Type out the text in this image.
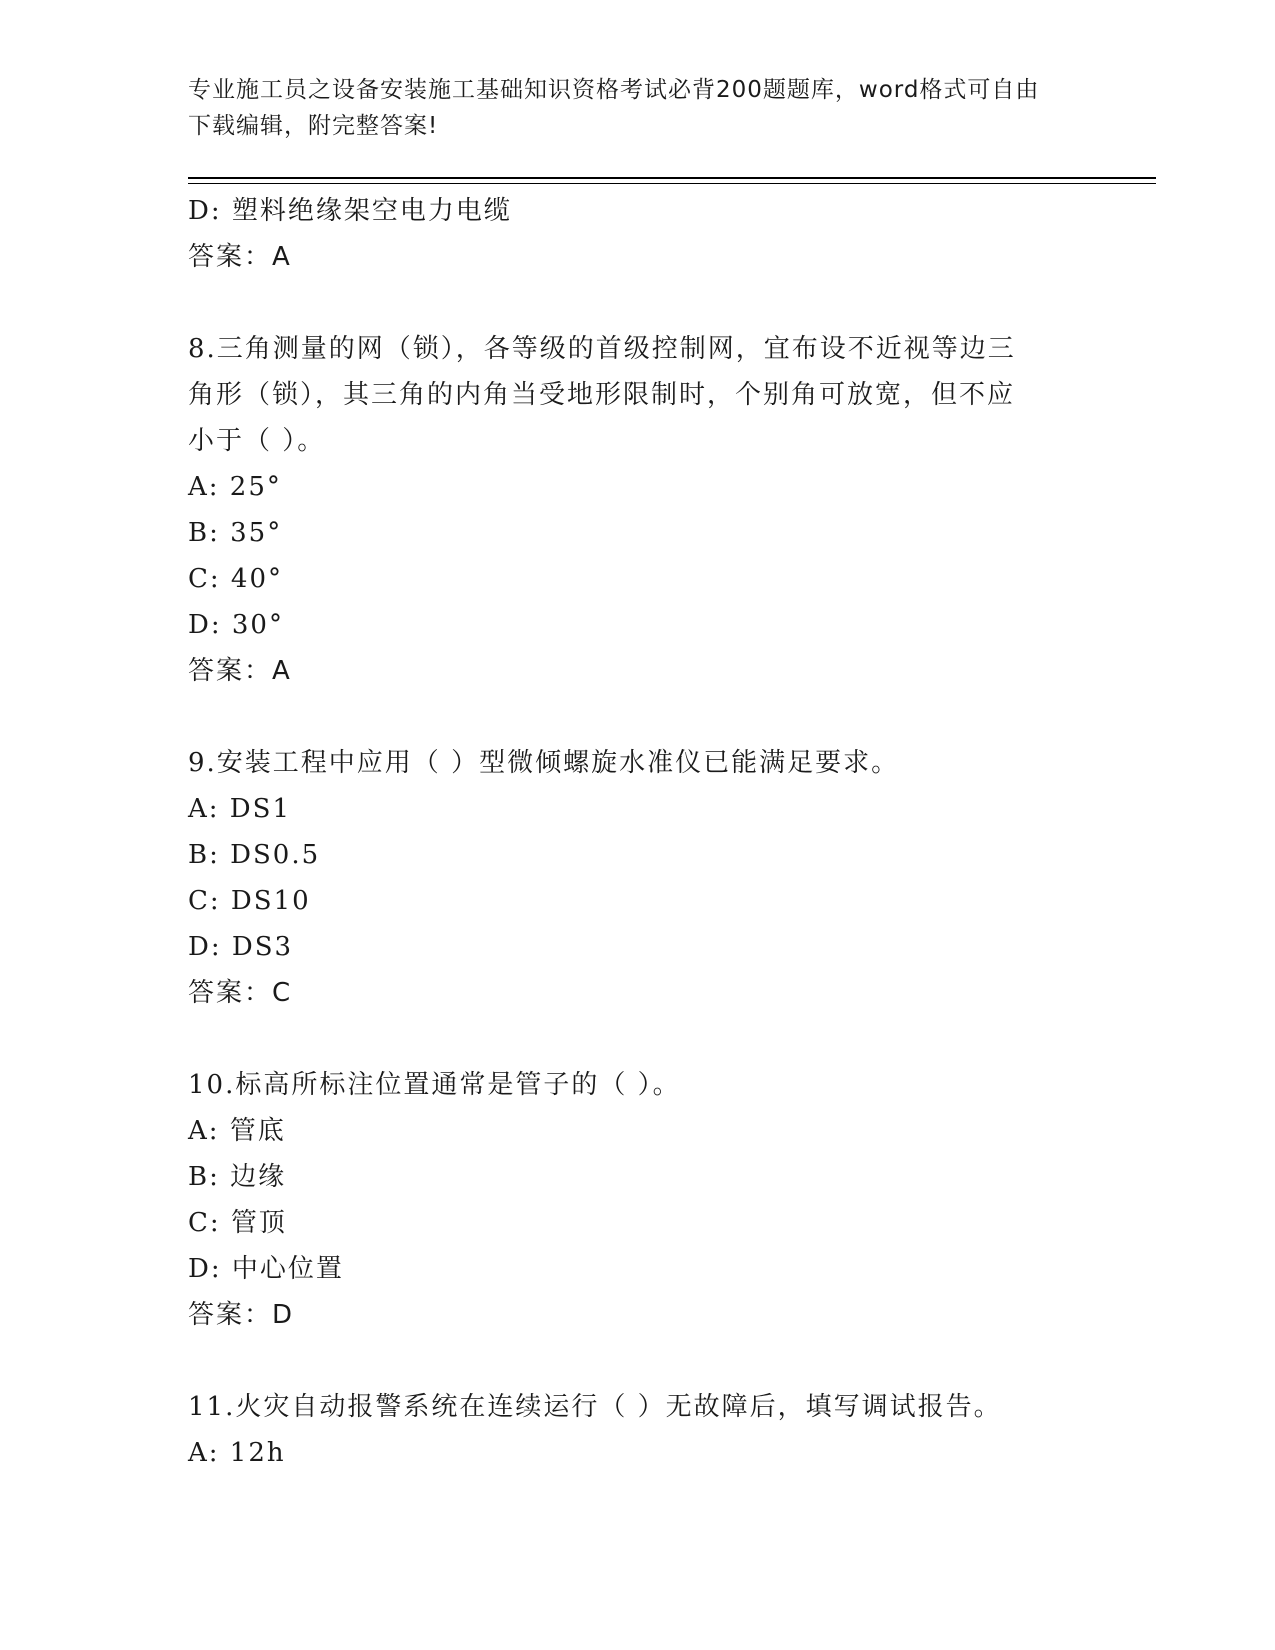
专业施工员之设备安装施工基础知识资格考试必背200题题库，word格式可自由
下载编辑，附完整答案!
D: 塑料绝缘架空电力电缆
答案：A
8.三角测量的网（锁），各等级的首级控制网，宜布设不近视等边三
角形（锁），其三角的内角当受地形限制时，个别角可放宽，但不应
小于（ ）。
A: 25°
B: 35°
C: 40°
D: 30°
答案：A
9.安装工程中应用（ ）型微倾螺旋水准仪已能满足要求。
A: DS1
B: DS0.5
C: DS10
D: DS3
答案：C
10.标高所标注位置通常是管子的（ ）。
A: 管底
B: 边缘
C: 管顶
D: 中心位置
答案：D
11.火灾自动报警系统在连续运行（ ）无故障后，填写调试报告。
A: 12h
